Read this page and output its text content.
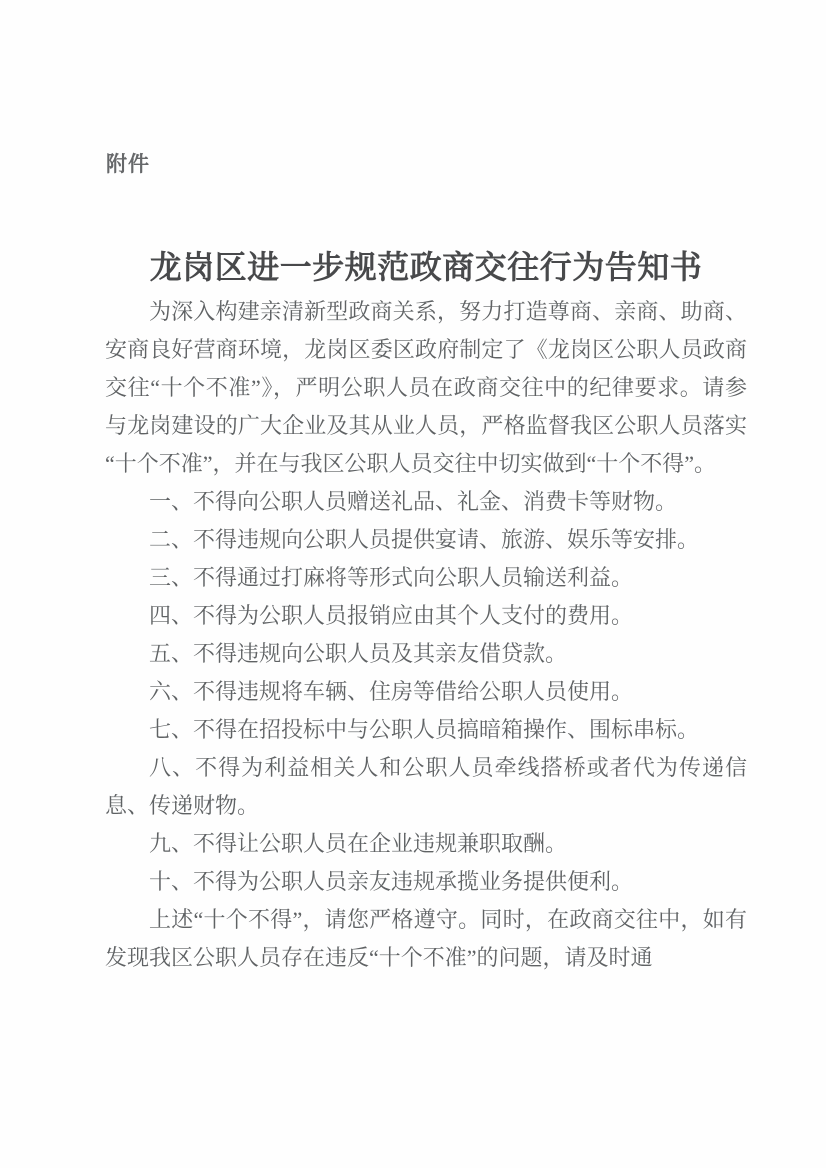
附件
龙岗区进一步规范政商交往行为告知书

为深入构建亲清新型政商关系，努力打造尊商、亲商、助商、安商良好营商环境，龙岗区委区政府制定了《龙岗区公职人员政商交往“十个不准”》，严明公职人员在政商交往中的纪律要求。请参与龙岗建设的广大企业及其从业人员，严格监督我区公职人员落实“十个不准”，并在与我区公职人员交往中切实做到“十个不得”。

一、不得向公职人员赠送礼品、礼金、消费卡等财物。

二、不得违规向公职人员提供宴请、旅游、娱乐等安排。

三、不得通过打麻将等形式向公职人员输送利益。

四、不得为公职人员报销应由其个人支付的费用。

五、不得违规向公职人员及其亲友借贷款。

六、不得违规将车辆、住房等借给公职人员使用。

七、不得在招投标中与公职人员搞暗箱操作、围标串标。

八、不得为利益相关人和公职人员牵线搭桥或者代为传递信息、传递财物。

九、不得让公职人员在企业违规兼职取酬。

十、不得为公职人员亲友违规承揽业务提供便利。

上述“十个不得”，请您严格遵守。同时，在政商交往中，如有发现我区公职人员存在违反“十个不准”的问题，请及时通
